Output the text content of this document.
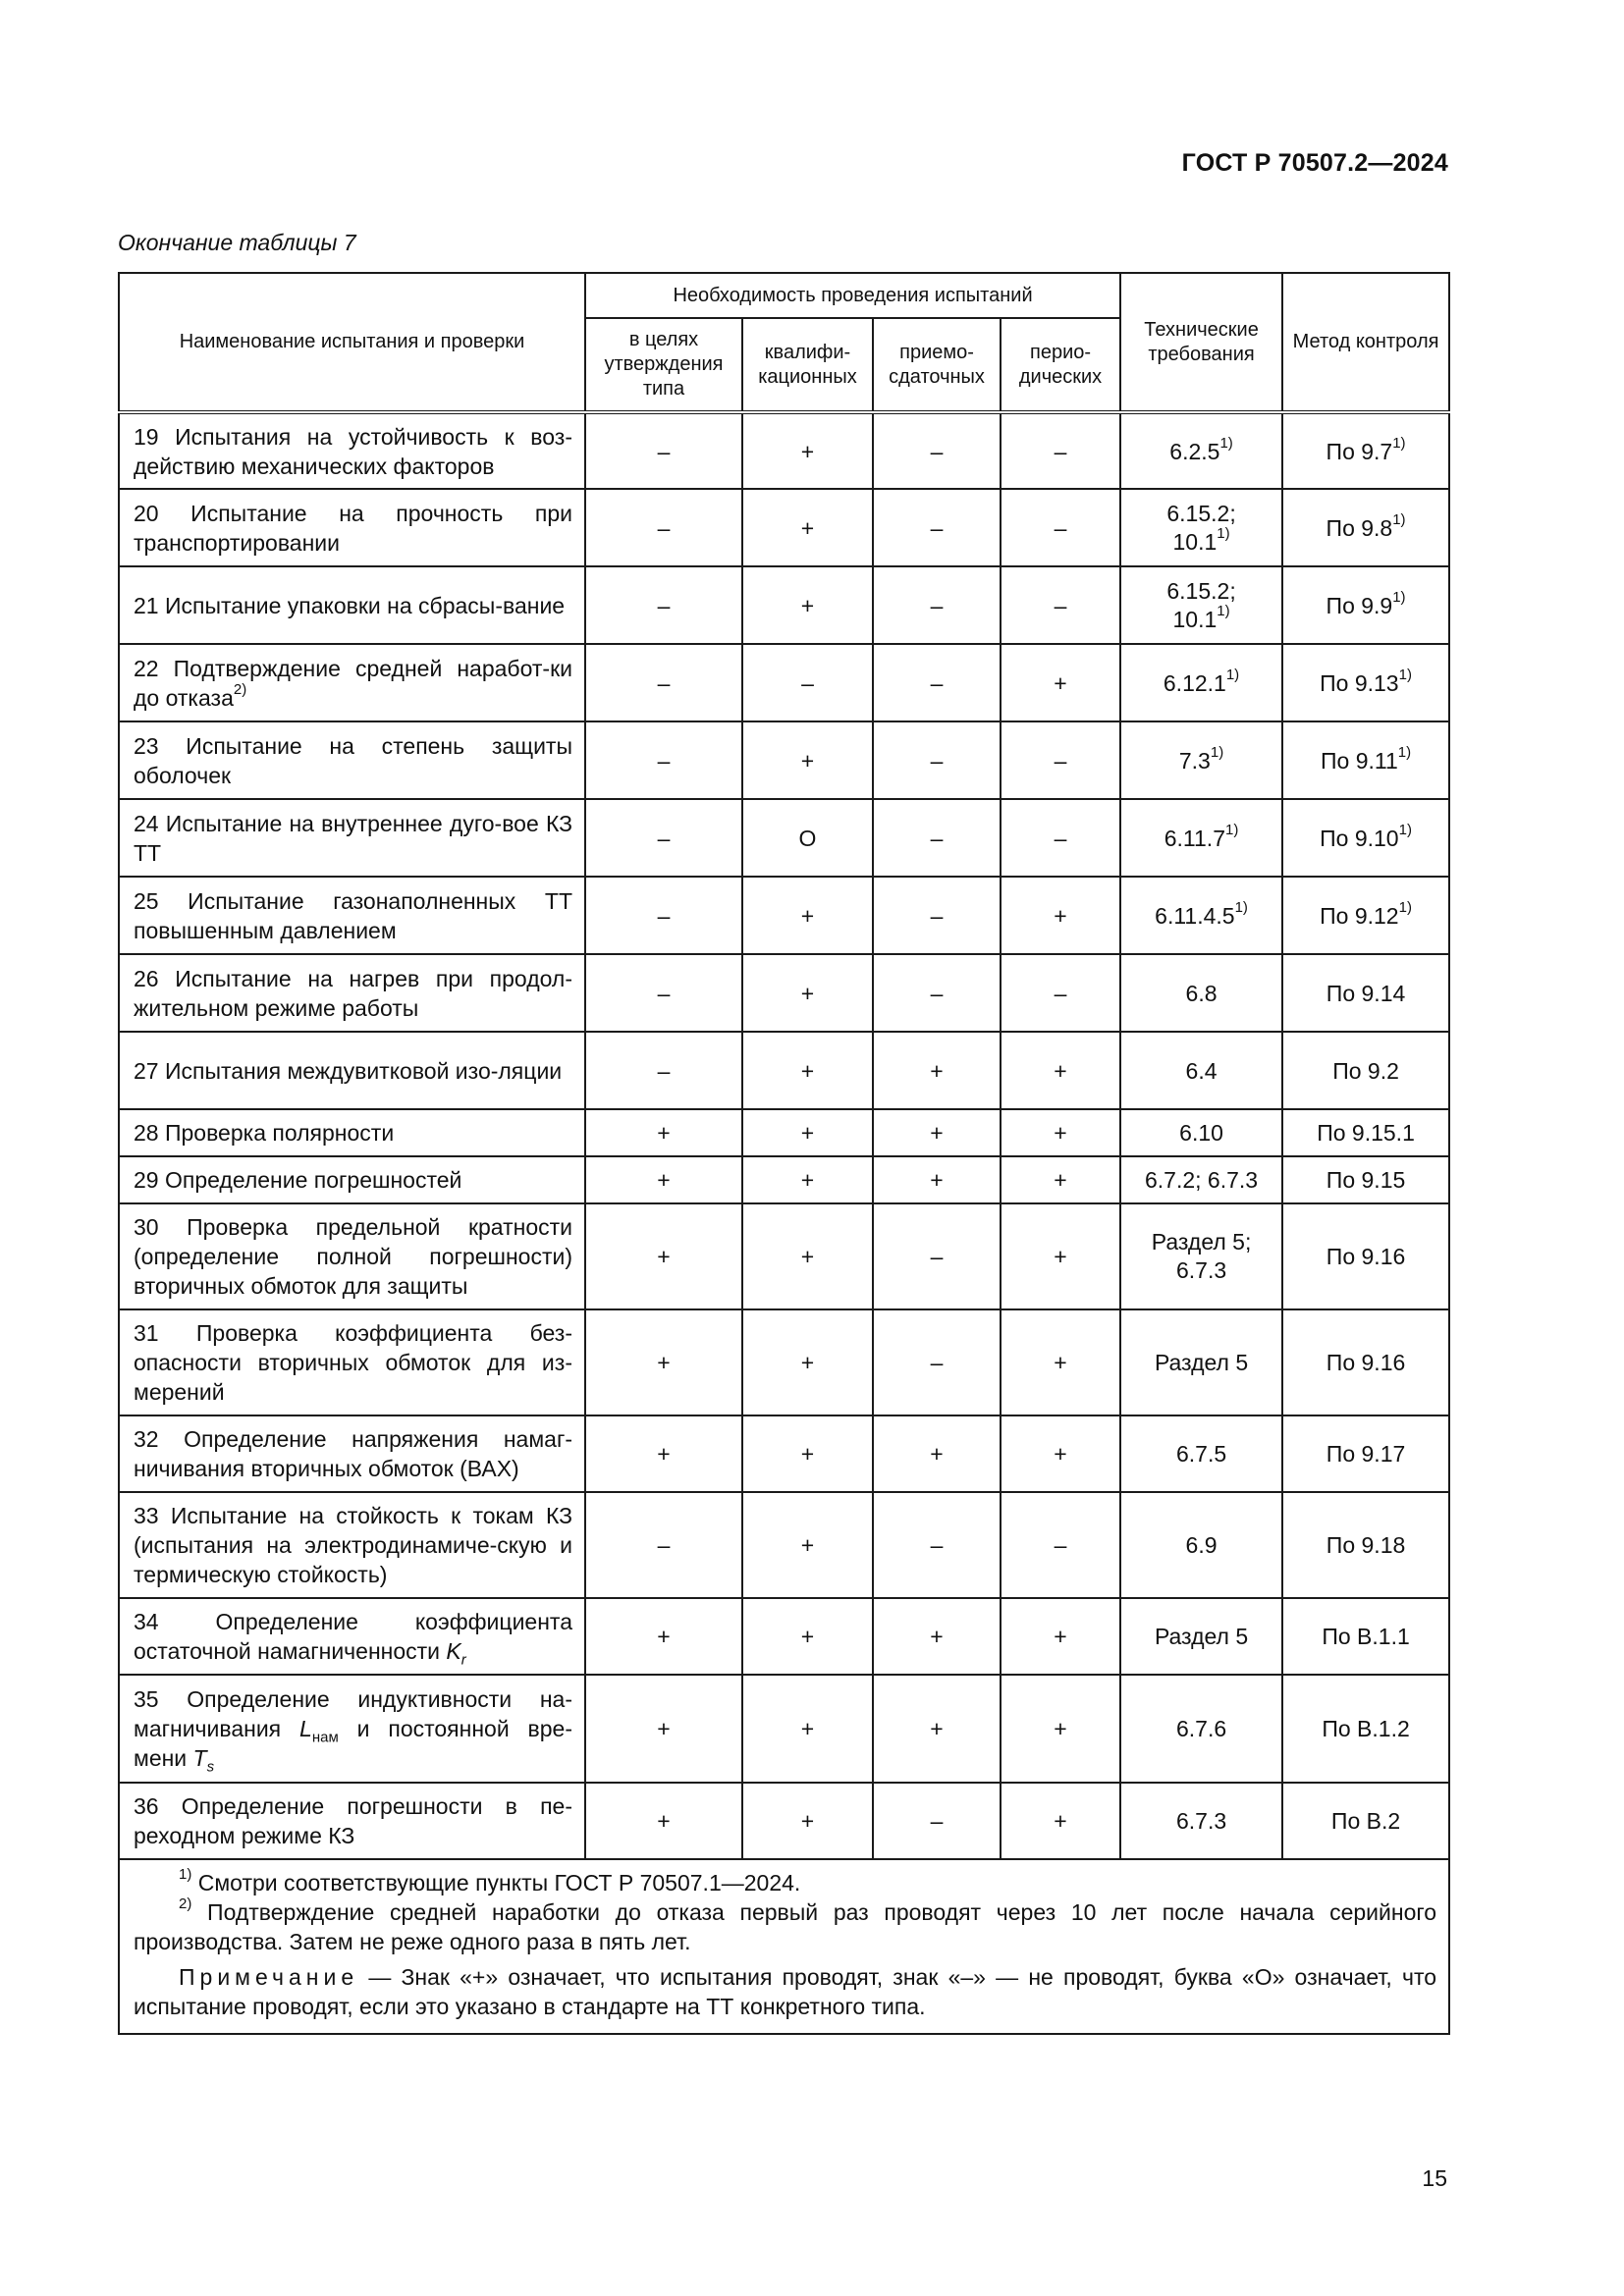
ГОСТ Р 70507.2—2024
Окончание таблицы 7
Наименование испытания и проверки	Необходимость проведения испытаний				Технические требования	Метод контроля
	в целях утверждения типа	квалифи-кационных	приемо-сдаточных	перио-дических		
19 Испытания на устойчивость к воз-действию механических факторов	–	+	–	–	6.2.5$^{1)}$	По 9.7$^{1)}$
20 Испытание на прочность при транспортировании	–	+	–	–	6.15.2; 10.1$^{1)}$	По 9.8$^{1)}$
21 Испытание упаковки на сбрасы-вание	–	+	–	–	6.15.2; 10.1$^{1)}$	По 9.9$^{1)}$
22 Подтверждение средней наработ-ки до отказа$^{2)}$	–	–	–	+	$6.12.1^{1)}$	По 9.13$^{1)}$
23 Испытание на степень защиты оболочек	–	+	–	–	7.3$^{1)}$	По 9.11$^{1)}$
24 Испытание на внутреннее дуго-вое КЗ ТТ	–	О	–	–	6.11.7$^{1)}$	По 9.10$^{1)}$
25 Испытание газонаполненных ТТ повышенным давлением	–	+	–	+	$6.11.4.5^{1)}$	По 9.12$^{1)}$
26 Испытание на нагрев при продол-жительном режиме работы	–	+	–	–	6.8	По 9.14
27 Испытания междувитковой изо-ляции	–	+	+	+	6.4	По 9.2
28 Проверка полярности	+	+	+	+	6.10	По 9.15.1
29 Определение погрешностей	+	+	+	+	6.7.2; 6.7.3	По 9.15
30 Проверка предельной кратности (определение полной погрешности) вторичных обмоток для защиты	+	+	–	+	Раздел 5; 6.7.3	По 9.16
31 Проверка коэффициента без-опасности вторичных обмоток для из-мерений	+	+	–	+	Раздел 5	По 9.16
32 Определение напряжения намаг-ничивания вторичных обмоток (ВАХ)	+	+	+	+	6.7.5	По 9.17
33 Испытание на стойкость к токам КЗ (испытания на электродинамиче-скую и термическую стойкость)	–	+	–	–	6.9	По 9.18
34 Определение коэффициента остаточной намагниченности $K_r$	+	+	+	+	Раздел 5	По В.1.1
35 Определение индуктивности на-магничивания $L_{нам}$ и постоянной вре-мени $T_s$	+	+	+	+	6.7.6	По В.1.2
36 Определение погрешности в пе-реходном режиме КЗ	+	+	–	+	6.7.3	По В.2

$^{1)}$ Смотри соответствующие пункты ГОСТ Р 70507.1—2024.
$^{2)}$ Подтверждение средней наработки до отказа первый раз проводят через 10 лет после начала серийного производства. Затем не реже одного раза в пять лет.
Примечание — Знак «+» означает, что испытания проводят, знак «–» — не проводят, буква «О» означает, что испытание проводят, если это указано в стандарте на ТТ конкретного типа.						
15
